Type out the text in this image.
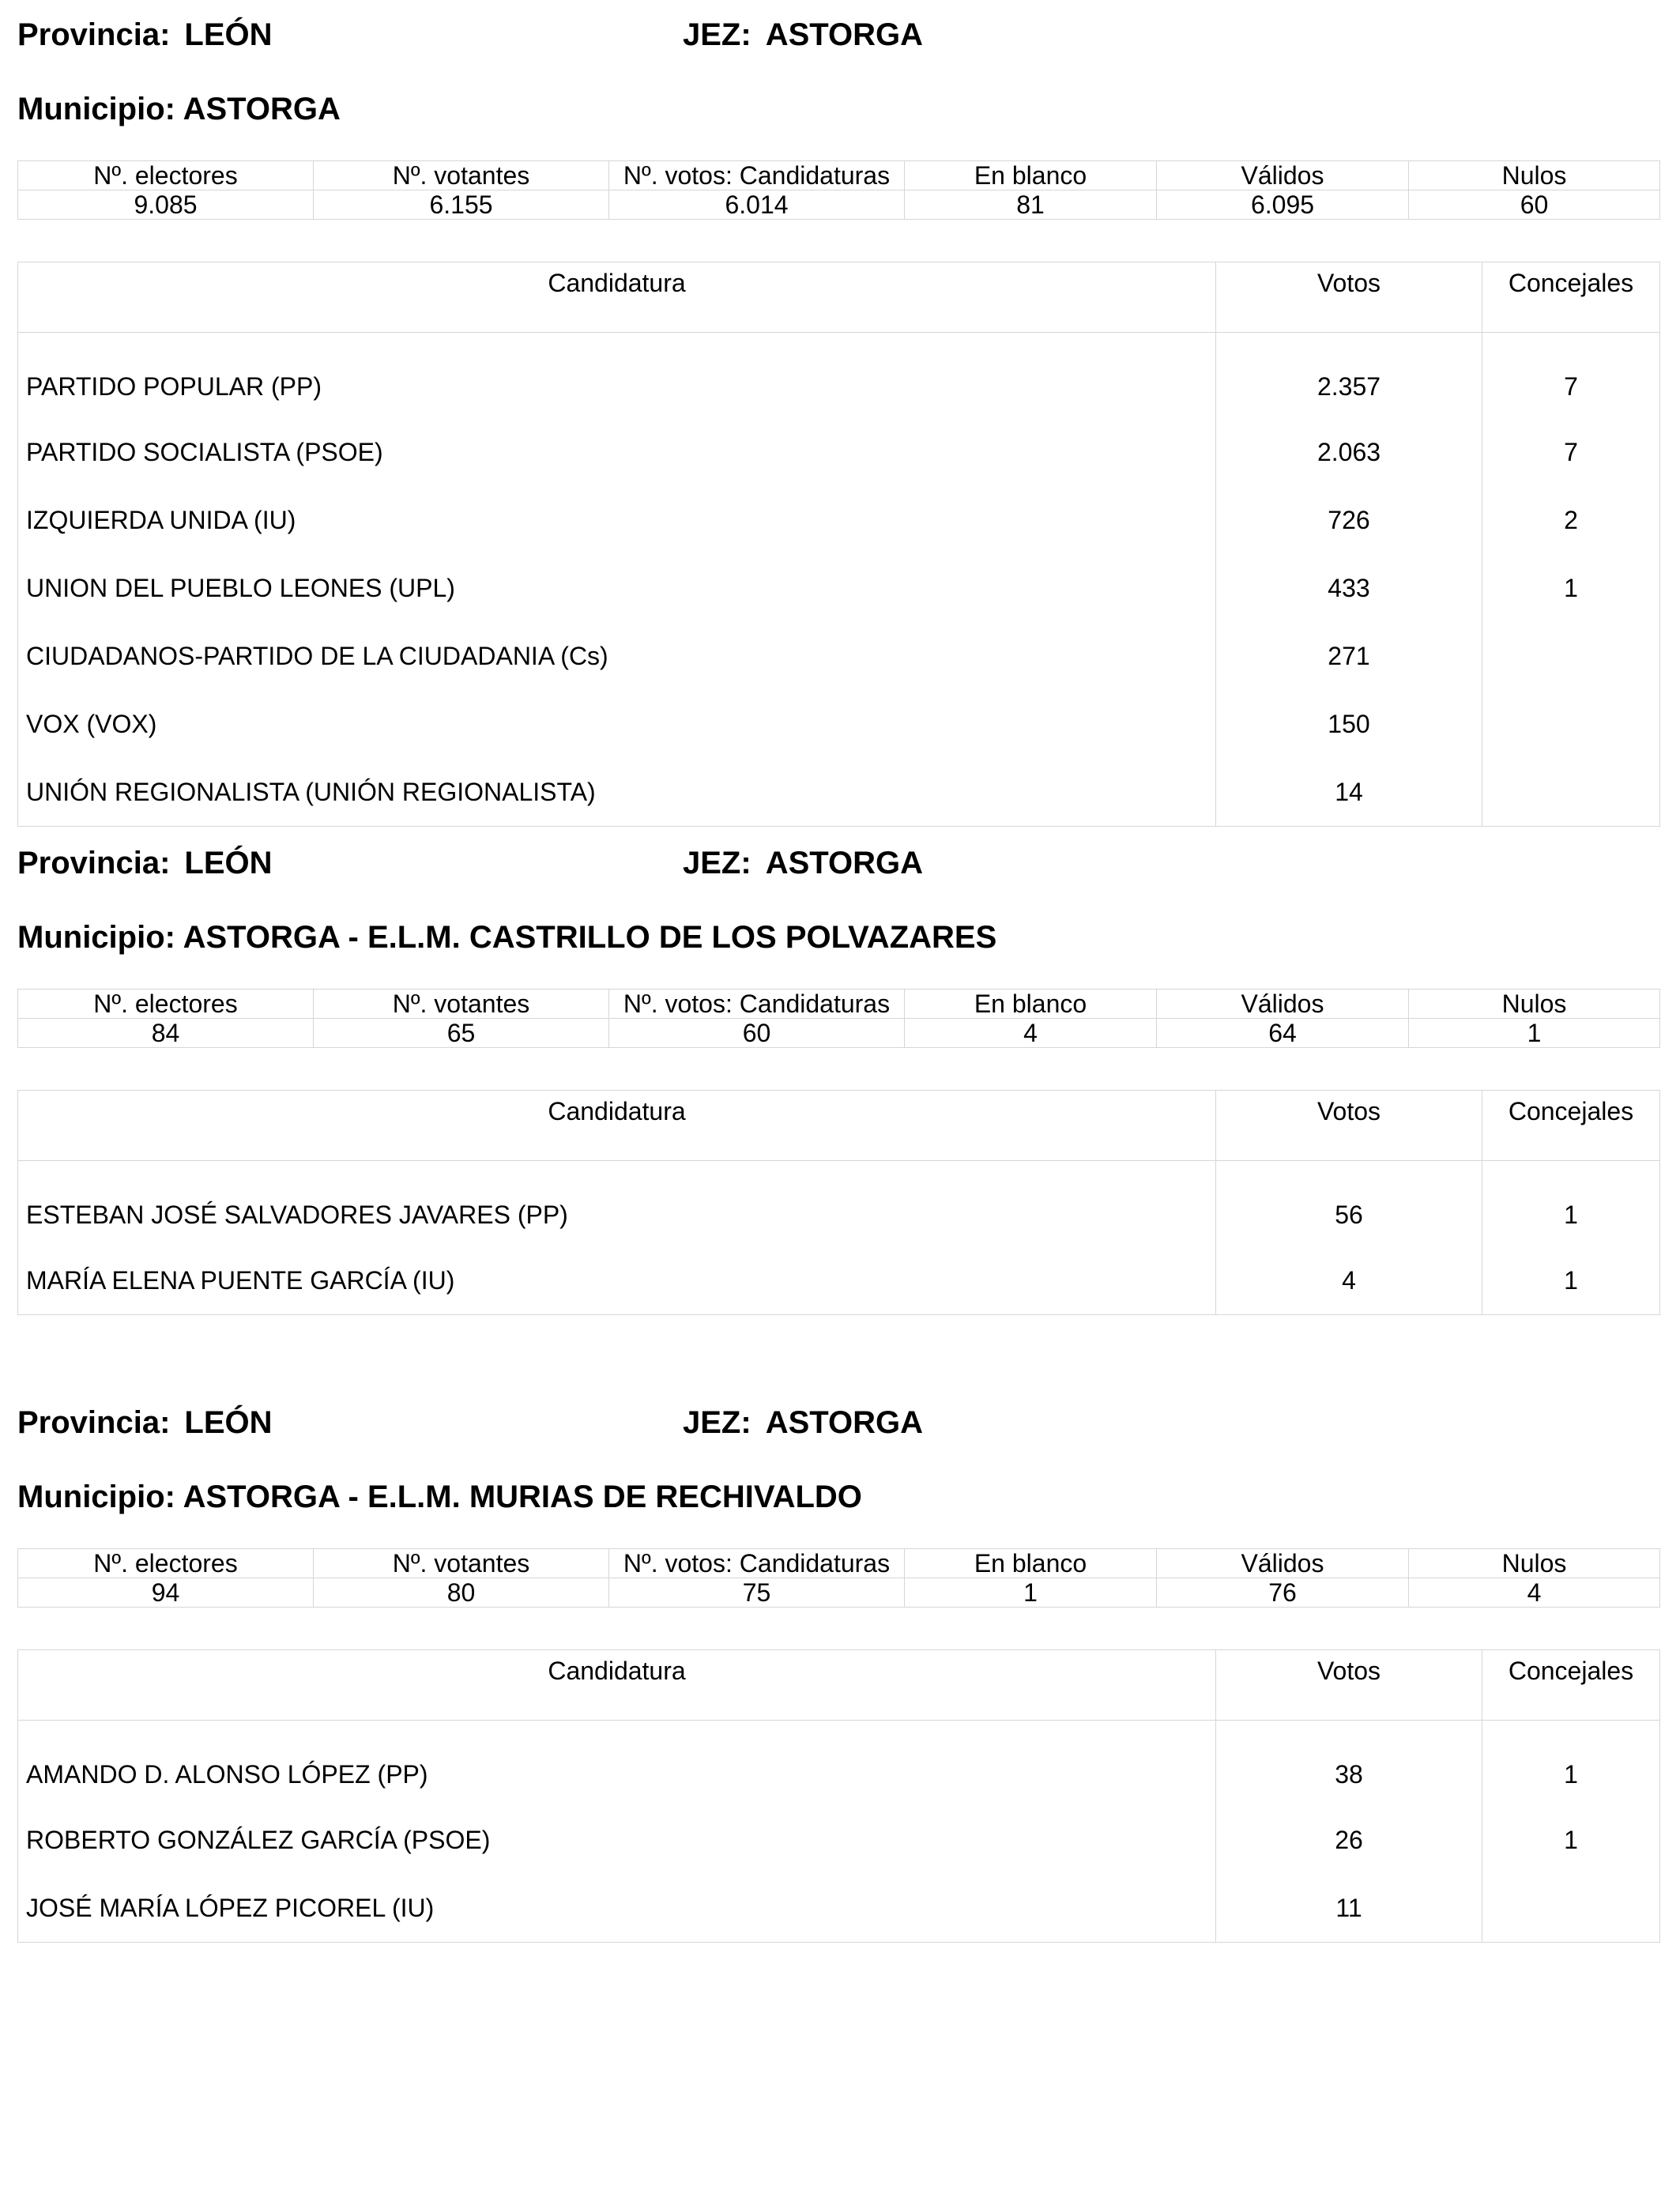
Provincia: LEÓN	JEZ: ASTORGA
Municipio: ASTORGA
Nº. electores	Nº. votantes	Nº. votos: Candidaturas	En blanco	Válidos	Nulos
9.085	6.155	6.014	81	6.095	60
Candidatura	Votos	Concejales
PARTIDO POPULAR (PP)	2.357	7
PARTIDO SOCIALISTA (PSOE)	2.063	7
IZQUIERDA UNIDA (IU)	726	2
UNION DEL PUEBLO LEONES (UPL)	433	1
CIUDADANOS-PARTIDO DE LA CIUDADANIA (Cs)	271	
VOX (VOX)	150	
UNIÓN REGIONALISTA (UNIÓN REGIONALISTA)	14	
Provincia: LEÓN	JEZ: ASTORGA
Municipio: ASTORGA - E.L.M. CASTRILLO DE LOS POLVAZARES
Nº. electores	Nº. votantes	Nº. votos: Candidaturas	En blanco	Válidos	Nulos
84	65	60	4	64	1
Candidatura	Votos	Concejales
ESTEBAN JOSÉ SALVADORES JAVARES (PP)	56	1
MARÍA ELENA PUENTE GARCÍA (IU)	4	1
Provincia: LEÓN	JEZ: ASTORGA
Municipio: ASTORGA - E.L.M. MURIAS DE RECHIVALDO
Nº. electores	Nº. votantes	Nº. votos: Candidaturas	En blanco	Válidos	Nulos
94	80	75	1	76	4
Candidatura	Votos	Concejales
AMANDO D. ALONSO LÓPEZ (PP)	38	1
ROBERTO GONZÁLEZ GARCÍA (PSOE)	26	1
JOSÉ MARÍA LÓPEZ PICOREL (IU)	11	
